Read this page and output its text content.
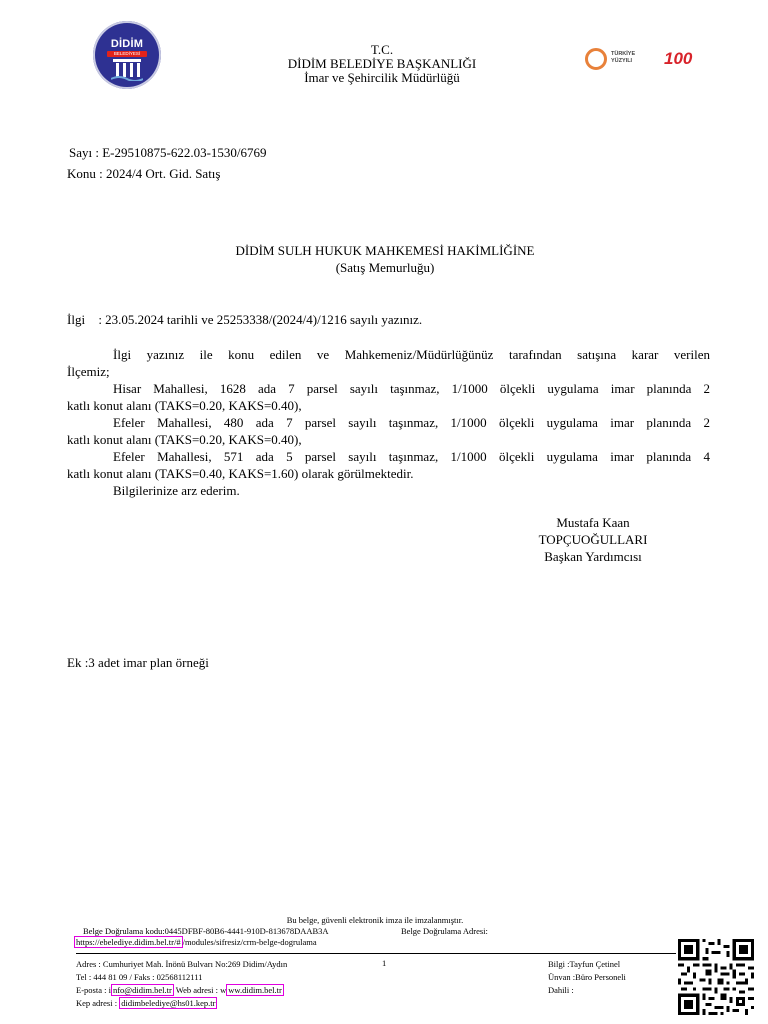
DİDİM
BELEDİYESİ	T.C.
DİDİM BELEDİYE BAŞKANLIĞI
İmar ve Şehircilik Müdürlüğü
TÜRKİYE
YÜZYILI 100
Sayı : E-29510875-622.03-1530/6769
Konu : 2024/4 Ort. Gid. Satış
DİDİM SULH HUKUK MAHKEMESİ HAKİMLİĞİNE
(Satış Memurluğu)
İlgi : 23.05.2024 tarihli ve 25253338/(2024/4)/1216 sayılı yazınız.
İlgi yazınız ile konu edilen ve Mahkemeniz/Müdürlüğünüz tarafından satışına karar verilen
İlçemiz;
Hisar Mahallesi, 1628 ada 7 parsel sayılı taşınmaz, 1/1000 ölçekli uygulama imar planında 2
katlı konut alanı (TAKS=0.20, KAKS=0.40),
Efeler Mahallesi, 480 ada 7 parsel sayılı taşınmaz, 1/1000 ölçekli uygulama imar planında 2
katlı konut alanı (TAKS=0.20, KAKS=0.40),
Efeler Mahallesi, 571 ada 5 parsel sayılı taşınmaz, 1/1000 ölçekli uygulama imar planında 4
katlı konut alanı (TAKS=0.40, KAKS=1.60) olarak görülmektedir.
Bilgilerinize arz ederim.
Mustafa Kaan
TOPÇUOĞULLARI
Başkan Yardımcısı
Ek :3 adet imar plan örneği
Bu belge, güvenli elektronik imza ile imzalanmıştır.
Belge Doğrulama kodu:0445DFBF-80B6-4441-910D-813678DAAB3A	Belge Doğrulama Adresi:
https://ebelediye.didim.bel.tr/# /modules/sifresiz/crm-belge-dogrulama
Adres : Cumhuriyet Mah. İnönü Bulvarı No:269 Didim/Aydın	1
Tel : 444 81 09 / Faks : 02568112111
E-posta : i nfo@didim.bel.tr Web adresi : w ww.didim.bel.tr
Kep adresi : didimbelediye@hs01.kep.tr
Bilgi :Tayfun Çetinel
Ünvan :Büro Personeli
Dahili :
